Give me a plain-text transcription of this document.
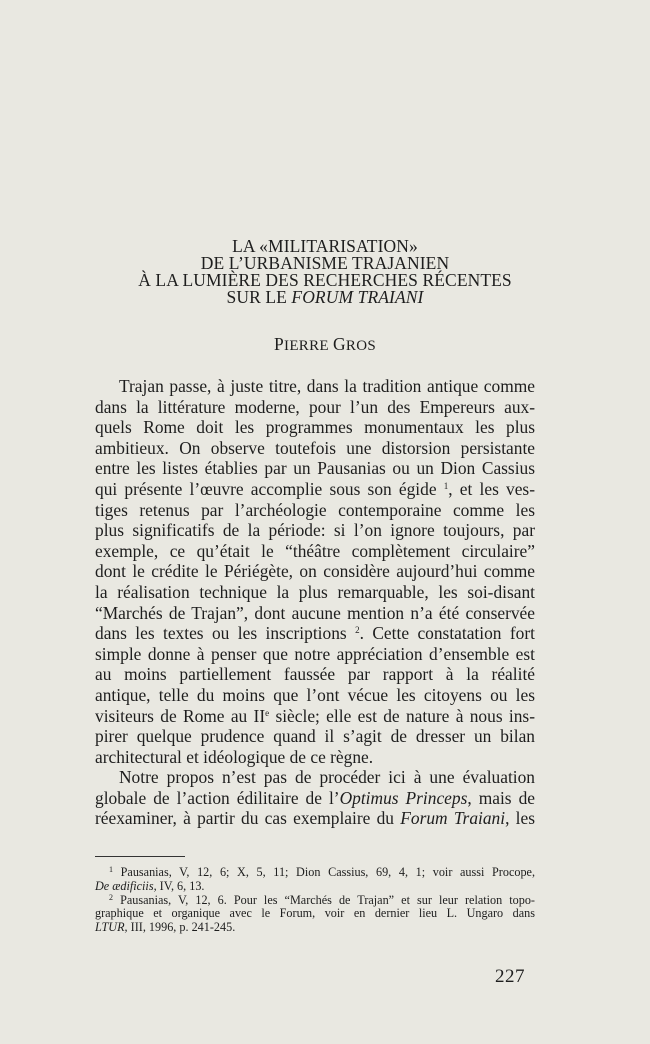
LA «MILITARISATION»
DE L’URBANISME TRAJANIEN
À LA LUMIÈRE DES RECHERCHES RÉCENTES
SUR LE FORUM TRAIANI
PIERRE GROS
Trajan passe, à juste titre, dans la tradition antique comme
dans la littérature moderne, pour l’un des Empereurs aux-
quels Rome doit les programmes monumentaux les plus
ambitieux. On observe toutefois une distorsion persistante
entre les listes établies par un Pausanias ou un Dion Cassius
qui présente l’œuvre accomplie sous son égide $^1$, et les ves-
tiges retenus par l’archéologie contemporaine comme les
plus significatifs de la période: si l’on ignore toujours, par
exemple, ce qu’était le “théâtre complètement circulaire”
dont le crédite le Périégète, on considère aujourd’hui comme
la réalisation technique la plus remarquable, les soi-disant
“Marchés de Trajan”, dont aucune mention n’a été conservée
dans les textes ou les inscriptions $^2$. Cette constatation fort
simple donne à penser que notre appréciation d’ensemble est
au moins partiellement faussée par rapport à la réalité
antique, telle du moins que l’ont vécue les citoyens ou les
visiteurs de Rome au IIe siècle; elle est de nature à nous ins-
pirer quelque prudence quand il s’agit de dresser un bilan
architectural et idéologique de ce règne.
Notre propos n’est pas de procéder ici à une évaluation
globale de l’action édilitaire de l’Optimus Princeps, mais de
réexaminer, à partir du cas exemplaire du Forum Traiani, les
$^1$ Pausanias, V, 12, 6; X, 5, 11; Dion Cassius, 69, 4, 1; voir aussi Procope,
De ædificiis, IV, 6, 13.
$^2$ Pausanias, V, 12, 6. Pour les “Marchés de Trajan” et sur leur relation topo-
graphique et organique avec le Forum, voir en dernier lieu L. Ungaro dans
LTUR, III, 1996, p. 241-245.
227
